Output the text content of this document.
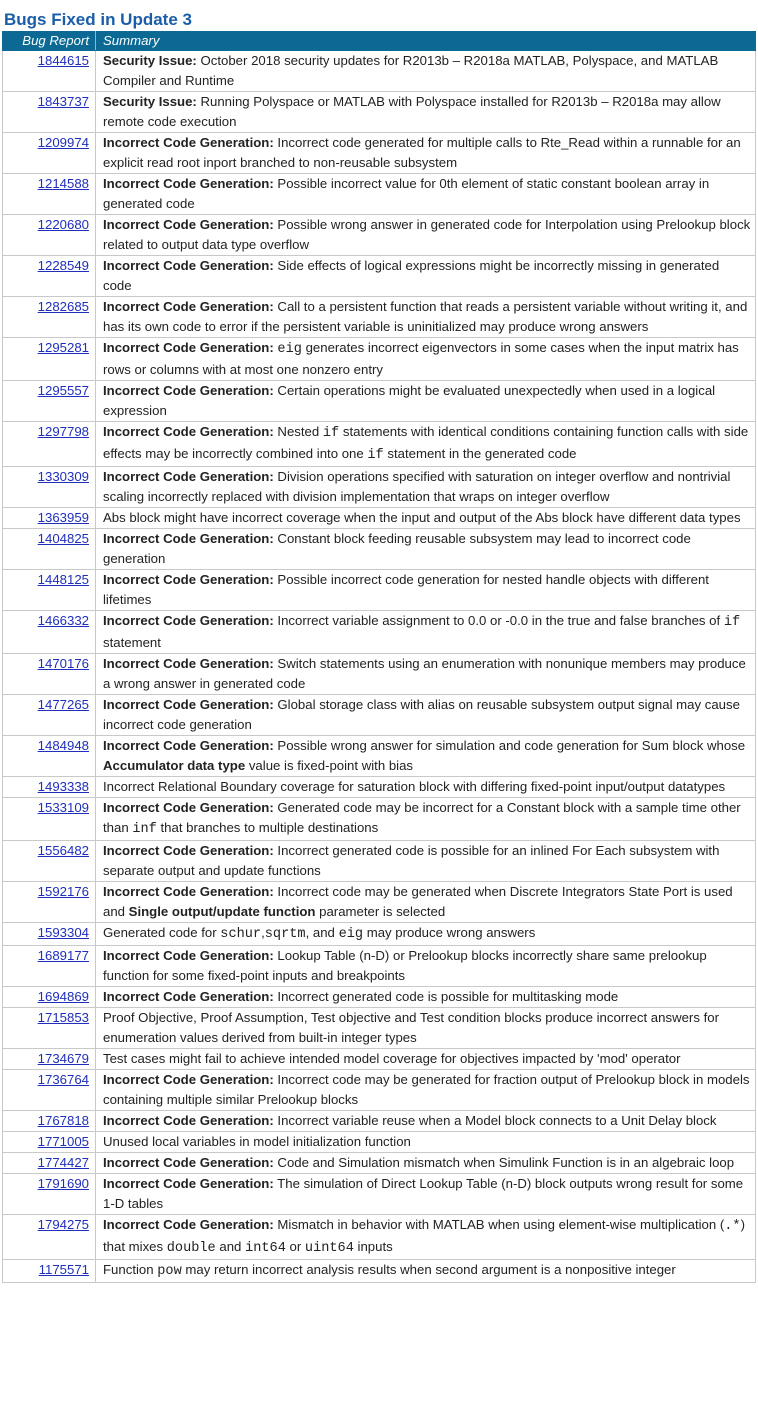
Bugs Fixed in Update 3
Bug Report	Summary
1844615	Security Issue: October 2018 security updates for R2013b – R2018a MATLAB, Polyspace, and MATLAB Compiler and Runtime
1843737	Security Issue: Running Polyspace or MATLAB with Polyspace installed for R2013b – R2018a may allow remote code execution
1209974	Incorrect Code Generation: Incorrect code generated for multiple calls to Rte_Read within a runnable for an explicit read root inport branched to non-reusable subsystem
1214588	Incorrect Code Generation: Possible incorrect value for 0th element of static constant boolean array in generated code
1220680	Incorrect Code Generation: Possible wrong answer in generated code for Interpolation using Prelookup block related to output data type overflow
1228549	Incorrect Code Generation: Side effects of logical expressions might be incorrectly missing in generated code
1282685	Incorrect Code Generation: Call to a persistent function that reads a persistent variable without writing it, and has its own code to error if the persistent variable is uninitialized may produce wrong answers
1295281	Incorrect Code Generation: eig generates incorrect eigenvectors in some cases when the input matrix has rows or columns with at most one nonzero entry
1295557	Incorrect Code Generation: Certain operations might be evaluated unexpectedly when used in a logical expression
1297798	Incorrect Code Generation: Nested if statements with identical conditions containing function calls with side effects may be incorrectly combined into one if statement in the generated code
1330309	Incorrect Code Generation: Division operations specified with saturation on integer overflow and nontrivial scaling incorrectly replaced with division implementation that wraps on integer overflow
1363959	Abs block might have incorrect coverage when the input and output of the Abs block have different data types
1404825	Incorrect Code Generation: Constant block feeding reusable subsystem may lead to incorrect code generation
1448125	Incorrect Code Generation: Possible incorrect code generation for nested handle objects with different lifetimes
1466332	Incorrect Code Generation: Incorrect variable assignment to 0.0 or -0.0 in the true and false branches of if statement
1470176	Incorrect Code Generation: Switch statements using an enumeration with nonunique members may produce a wrong answer in generated code
1477265	Incorrect Code Generation: Global storage class with alias on reusable subsystem output signal may cause incorrect code generation
1484948	Incorrect Code Generation: Possible wrong answer for simulation and code generation for Sum block whose Accumulator data type value is fixed-point with bias
1493338	Incorrect Relational Boundary coverage for saturation block with differing fixed-point input/output datatypes
1533109	Incorrect Code Generation: Generated code may be incorrect for a Constant block with a sample time other than inf that branches to multiple destinations
1556482	Incorrect Code Generation: Incorrect generated code is possible for an inlined For Each subsystem with separate output and update functions
1592176	Incorrect Code Generation: Incorrect code may be generated when Discrete Integrators State Port is used and Single output/update function parameter is selected
1593304	Generated code for schur,sqrtm, and eig may produce wrong answers
1689177	Incorrect Code Generation: Lookup Table (n-D) or Prelookup blocks incorrectly share same prelookup function for some fixed-point inputs and breakpoints
1694869	Incorrect Code Generation: Incorrect generated code is possible for multitasking mode
1715853	Proof Objective, Proof Assumption, Test objective and Test condition blocks produce incorrect answers for enumeration values derived from built-in integer types
1734679	Test cases might fail to achieve intended model coverage for objectives impacted by 'mod' operator
1736764	Incorrect Code Generation: Incorrect code may be generated for fraction output of Prelookup block in models containing multiple similar Prelookup blocks
1767818	Incorrect Code Generation: Incorrect variable reuse when a Model block connects to a Unit Delay block
1771005	Unused local variables in model initialization function
1774427	Incorrect Code Generation: Code and Simulation mismatch when Simulink Function is in an algebraic loop
1791690	Incorrect Code Generation: The simulation of Direct Lookup Table (n-D) block outputs wrong result for some 1-D tables
1794275	Incorrect Code Generation: Mismatch in behavior with MATLAB when using element-wise multiplication (.*) that mixes double and int64 or uint64 inputs
1175571	Function pow may return incorrect analysis results when second argument is a nonpositive integer
